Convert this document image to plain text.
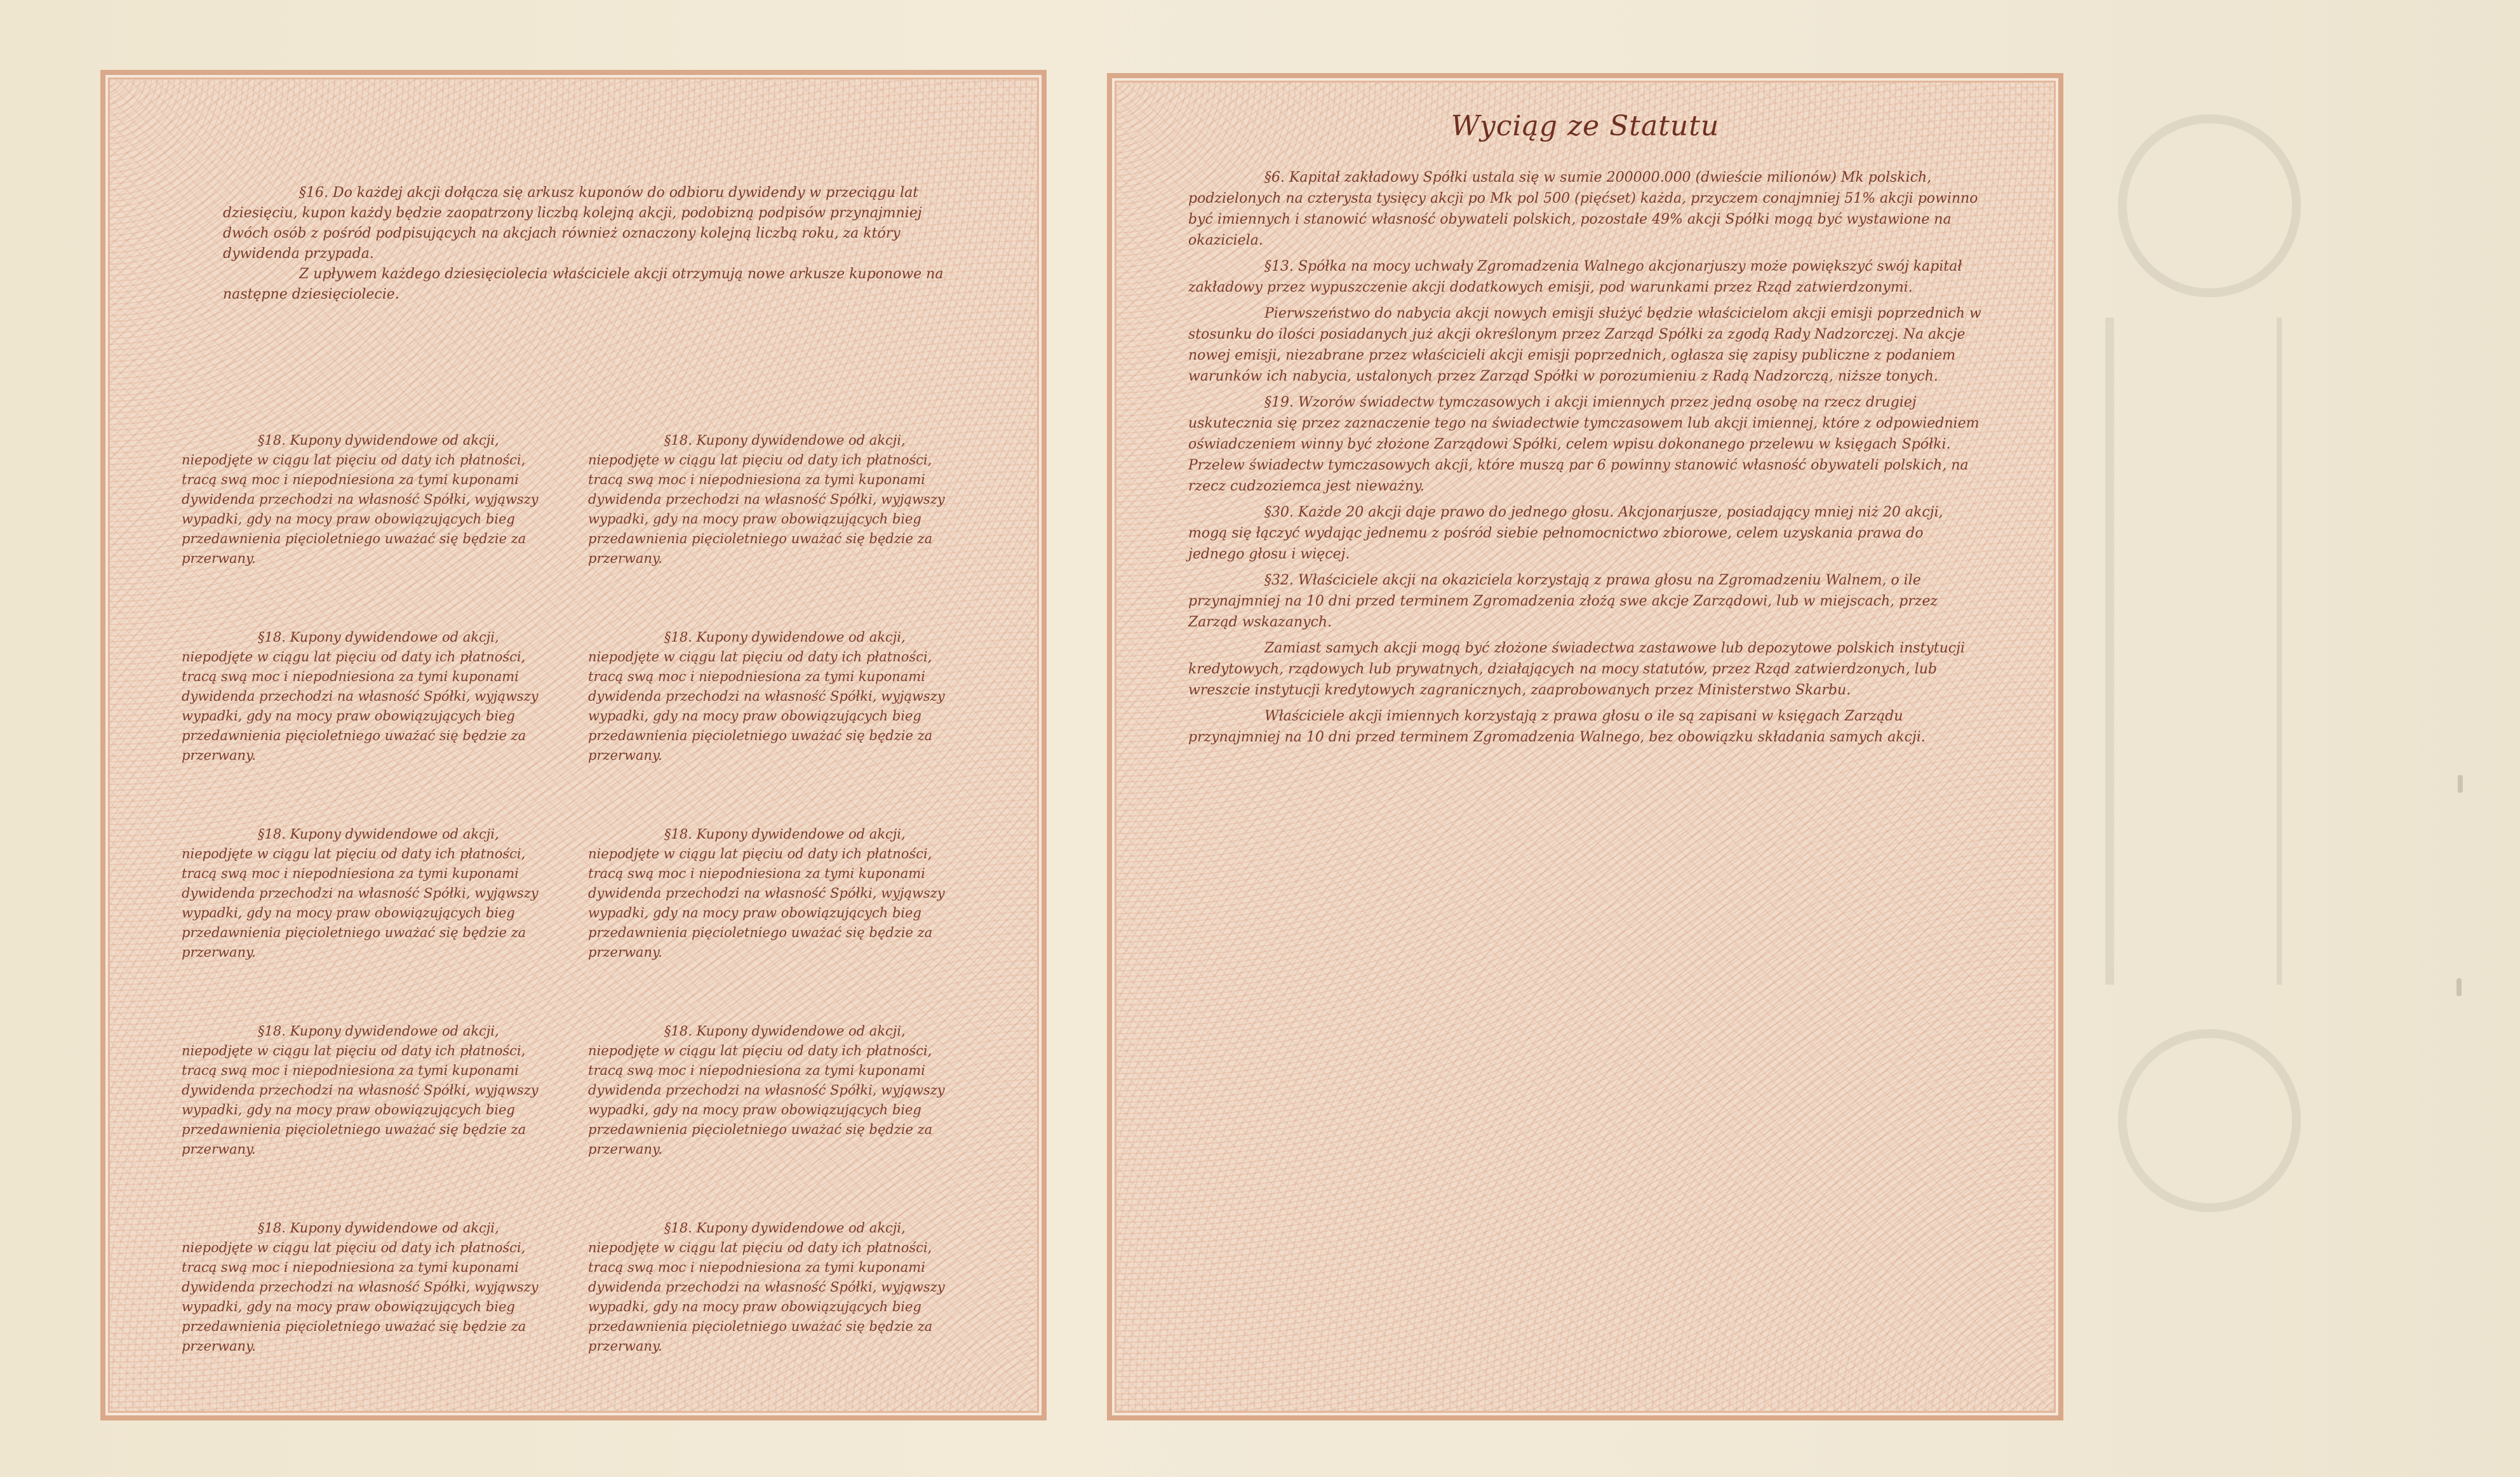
§16. Do każdej akcji dołącza się arkusz kuponów do odbioru dywidendy w przeciągu lat dziesięciu, kupon każdy będzie zaopatrzony liczbą kolejną akcji, podobizną podpisów przynajmniej dwóch osób z pośród podpisujących na akcjach również oznaczony kolejną liczbą roku, za który dywidenda przypada.

Z upływem każdego dziesięciolecia właściciele akcji otrzymują nowe arkusze kuponowe na następne dziesięciolecie.

§18. Kupony dywidendowe od akcji, niepodjęte w ciągu lat pięciu od daty ich płatności, tracą swą moc i niepodniesiona za tymi kuponami dywidenda przechodzi na własność Spółki, wyjąwszy wypadki, gdy na mocy praw obowiązujących bieg przedawnienia pięcioletniego uważać się będzie za przerwany.

§18. Kupony dywidendowe od akcji, niepodjęte w ciągu lat pięciu od daty ich płatności, tracą swą moc i niepodniesiona za tymi kuponami dywidenda przechodzi na własność Spółki, wyjąwszy wypadki, gdy na mocy praw obowiązujących bieg przedawnienia pięcioletniego uważać się będzie za przerwany.

§18. Kupony dywidendowe od akcji, niepodjęte w ciągu lat pięciu od daty ich płatności, tracą swą moc i niepodniesiona za tymi kuponami dywidenda przechodzi na własność Spółki, wyjąwszy wypadki, gdy na mocy praw obowiązujących bieg przedawnienia pięcioletniego uważać się będzie za przerwany.

§18. Kupony dywidendowe od akcji, niepodjęte w ciągu lat pięciu od daty ich płatności, tracą swą moc i niepodniesiona za tymi kuponami dywidenda przechodzi na własność Spółki, wyjąwszy wypadki, gdy na mocy praw obowiązujących bieg przedawnienia pięcioletniego uważać się będzie za przerwany.

§18. Kupony dywidendowe od akcji, niepodjęte w ciągu lat pięciu od daty ich płatności, tracą swą moc i niepodniesiona za tymi kuponami dywidenda przechodzi na własność Spółki, wyjąwszy wypadki, gdy na mocy praw obowiązujących bieg przedawnienia pięcioletniego uważać się będzie za przerwany.

§18. Kupony dywidendowe od akcji, niepodjęte w ciągu lat pięciu od daty ich płatności, tracą swą moc i niepodniesiona za tymi kuponami dywidenda przechodzi na własność Spółki, wyjąwszy wypadki, gdy na mocy praw obowiązujących bieg przedawnienia pięcioletniego uważać się będzie za przerwany.

§18. Kupony dywidendowe od akcji, niepodjęte w ciągu lat pięciu od daty ich płatności, tracą swą moc i niepodniesiona za tymi kuponami dywidenda przechodzi na własność Spółki, wyjąwszy wypadki, gdy na mocy praw obowiązujących bieg przedawnienia pięcioletniego uważać się będzie za przerwany.

§18. Kupony dywidendowe od akcji, niepodjęte w ciągu lat pięciu od daty ich płatności, tracą swą moc i niepodniesiona za tymi kuponami dywidenda przechodzi na własność Spółki, wyjąwszy wypadki, gdy na mocy praw obowiązujących bieg przedawnienia pięcioletniego uważać się będzie za przerwany.

§18. Kupony dywidendowe od akcji, niepodjęte w ciągu lat pięciu od daty ich płatności, tracą swą moc i niepodniesiona za tymi kuponami dywidenda przechodzi na własność Spółki, wyjąwszy wypadki, gdy na mocy praw obowiązujących bieg przedawnienia pięcioletniego uważać się będzie za przerwany.

§18. Kupony dywidendowe od akcji, niepodjęte w ciągu lat pięciu od daty ich płatności, tracą swą moc i niepodniesiona za tymi kuponami dywidenda przechodzi na własność Spółki, wyjąwszy wypadki, gdy na mocy praw obowiązujących bieg przedawnienia pięcioletniego uważać się będzie za przerwany.

Wyciąg ze Statutu

§6. Kapitał zakładowy Spółki ustala się w sumie 200000.000 (dwieście milionów) Mk polskich, podzielonych na czterysta tysięcy akcji po Mk pol 500 (pięćset) każda, przyczem conajmniej 51% akcji powinno być imiennych i stanowić własność obywateli polskich, pozostałe 49% akcji Spółki mogą być wystawione na okaziciela.

§13. Spółka na mocy uchwały Zgromadzenia Walnego akcjonarjuszy może powiększyć swój kapitał zakładowy przez wypuszczenie akcji dodatkowych emisji, pod warunkami przez Rząd zatwierdzonymi.

Pierwszeństwo do nabycia akcji nowych emisji służyć będzie właścicielom akcji emisji poprzednich w stosunku do ilości posiadanych już akcji określonym przez Zarząd Spółki za zgodą Rady Nadzorczej. Na akcje nowej emisji, niezabrane przez właścicieli akcji emisji poprzednich, ogłasza się zapisy publiczne z podaniem warunków ich nabycia, ustalonych przez Zarząd Spółki w porozumieniu z Radą Nadzorczą, niższe tonych.

§19. Wzorów świadectw tymczasowych i akcji imiennych przez jedną osobę na rzecz drugiej uskutecznia się przez zaznaczenie tego na świadectwie tymczasowem lub akcji imiennej, które z odpowiedniem oświadczeniem winny być złożone Zarządowi Spółki, celem wpisu dokonanego przelewu w księgach Spółki. Przelew świadectw tymczasowych akcji, które muszą par 6 powinny stanowić własność obywateli polskich, na rzecz cudzoziemca jest nieważny.

§30. Każde 20 akcji daje prawo do jednego głosu. Akcjonarjusze, posiadający mniej niż 20 akcji, mogą się łączyć wydając jednemu z pośród siebie pełnomocnictwo zbiorowe, celem uzyskania prawa do jednego głosu i więcej.

§32. Właściciele akcji na okaziciela korzystają z prawa głosu na Zgromadzeniu Walnem, o ile przynajmniej na 10 dni przed terminem Zgromadzenia złożą swe akcje Zarządowi, lub w miejscach, przez Zarząd wskazanych.

Zamiast samych akcji mogą być złożone świadectwa zastawowe lub depozytowe polskich instytucji kredytowych, rządowych lub prywatnych, działających na mocy statutów, przez Rząd zatwierdzonych, lub wreszcie instytucji kredytowych zagranicznych, zaaprobowanych przez Ministerstwo Skarbu.

Właściciele akcji imiennych korzystają z prawa głosu o ile są zapisani w księgach Zarządu przynajmniej na 10 dni przed terminem Zgromadzenia Walnego, bez obowiązku składania samych akcji.
